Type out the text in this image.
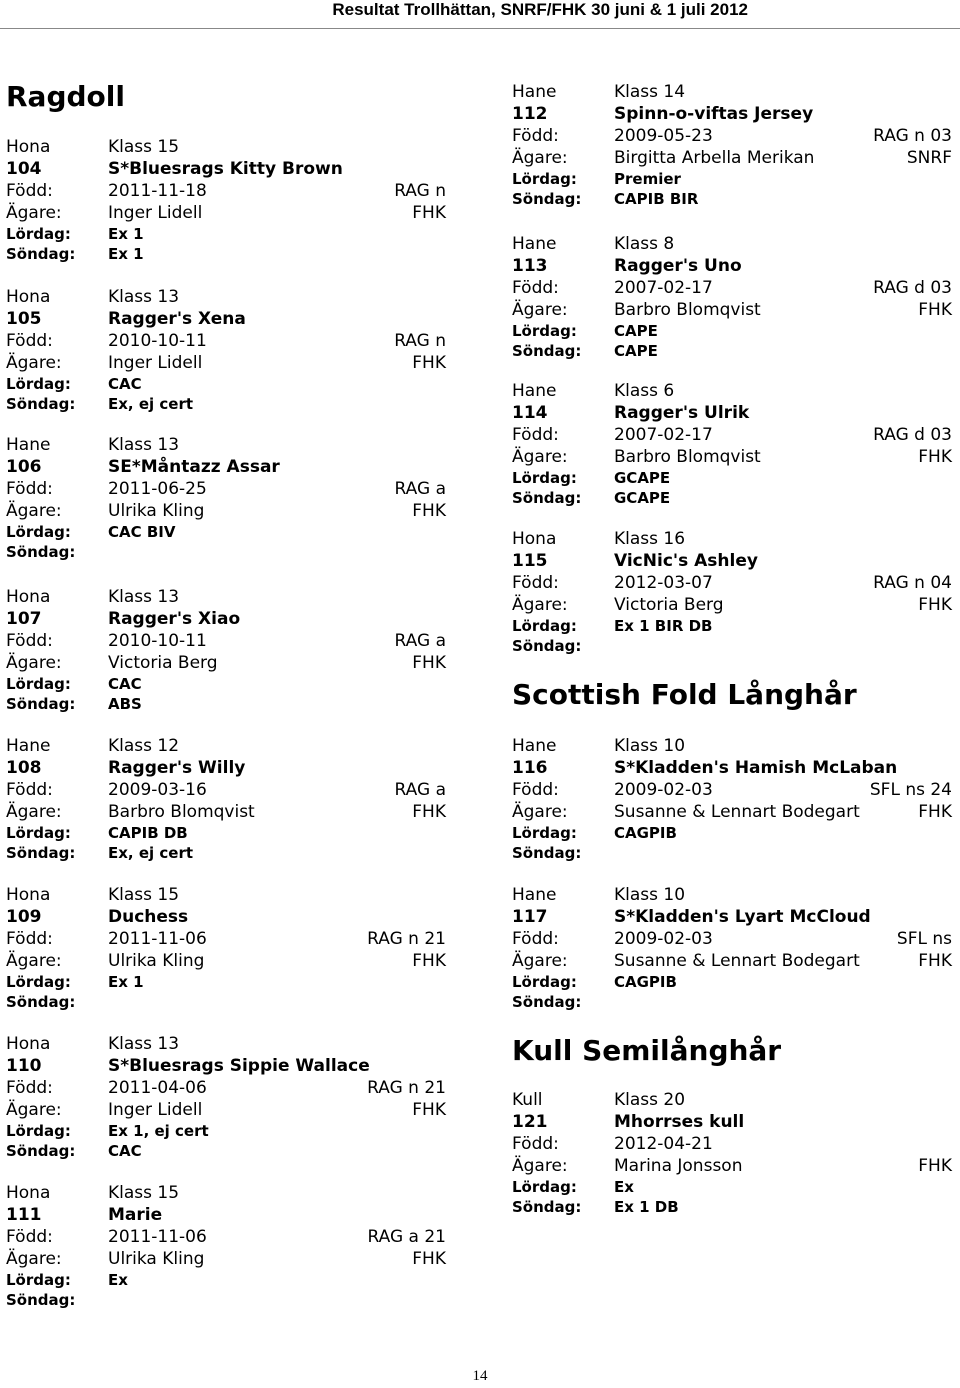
Resultat Trollhättan, SNRF/FHK 30 juni & 1 juli 2012
Ragdoll
Hona	Klass 15
104	S*Bluesrags Kitty Brown
Född:	2011-11-18	RAG n
Ägare:	Inger Lidell	FHK
Lördag: Ex 1
Söndag: Ex 1
Hona	Klass 13
105	Ragger's Xena
Född:	2010-10-11	RAG n
Ägare:	Inger Lidell	FHK
Lördag: CAC
Söndag: Ex, ej cert
Hane	Klass 13
106	SE*Måntazz Assar
Född:	2011-06-25	RAG a
Ägare:	Ulrika Kling	FHK
Lördag: CAC BIV
Söndag:
Hona	Klass 13
107	Ragger's Xiao
Född:	2010-10-11	RAG a
Ägare:	Victoria Berg	FHK
Lördag: CAC
Söndag: ABS
Hane	Klass 12
108	Ragger's Willy
Född:	2009-03-16	RAG a
Ägare:	Barbro Blomqvist	FHK
Lördag: CAPIB DB
Söndag: Ex, ej cert
Hona	Klass 15
109	Duchess
Född:	2011-11-06	RAG n 21
Ägare:	Ulrika Kling	FHK
Lördag: Ex 1
Söndag:
Hona	Klass 13
110	S*Bluesrags Sippie Wallace
Född:	2011-04-06	RAG n 21
Ägare:	Inger Lidell	FHK
Lördag: Ex 1, ej cert
Söndag: CAC
Hona	Klass 15
111	Marie
Född:	2011-11-06	RAG a 21
Ägare:	Ulrika Kling	FHK
Lördag: Ex
Söndag:
Scottish Fold Långhår
Kull Semilånghår
Hane	Klass 14
112	Spinn-o-viftas Jersey
Född:	2009-05-23	RAG n 03
Ägare:	Birgitta Arbella Merikan	SNRF
Lördag: Premier
Söndag: CAPIB BIR
Hane	Klass 8
113	Ragger's Uno
Född:	2007-02-17	RAG d 03
Ägare:	Barbro Blomqvist	FHK
Lördag: CAPE
Söndag: CAPE
Hane	Klass 6
114	Ragger's Ulrik
Född:	2007-02-17	RAG d 03
Ägare:	Barbro Blomqvist	FHK
Lördag: GCAPE
Söndag: GCAPE
Hona	Klass 16
115	VicNic's Ashley
Född:	2012-03-07	RAG n 04
Ägare:	Victoria Berg	FHK
Lördag: Ex 1 BIR DB
Söndag:
Hane	Klass 10
116	S*Kladden's Hamish McLaban
Född:	2009-02-03	SFL ns 24
Ägare:	Susanne & Lennart Bodegart	FHK
Lördag: CAGPIB
Söndag:
Hane	Klass 10
117	S*Kladden's Lyart McCloud
Född:	2009-02-03	SFL ns
Ägare:	Susanne & Lennart Bodegart	FHK
Lördag: CAGPIB
Söndag:
Kull	Klass 20
121	Mhorrses kull
Född:	2012-04-21
Ägare:	Marina Jonsson	FHK
Lördag: Ex
Söndag: Ex 1 DB
14
